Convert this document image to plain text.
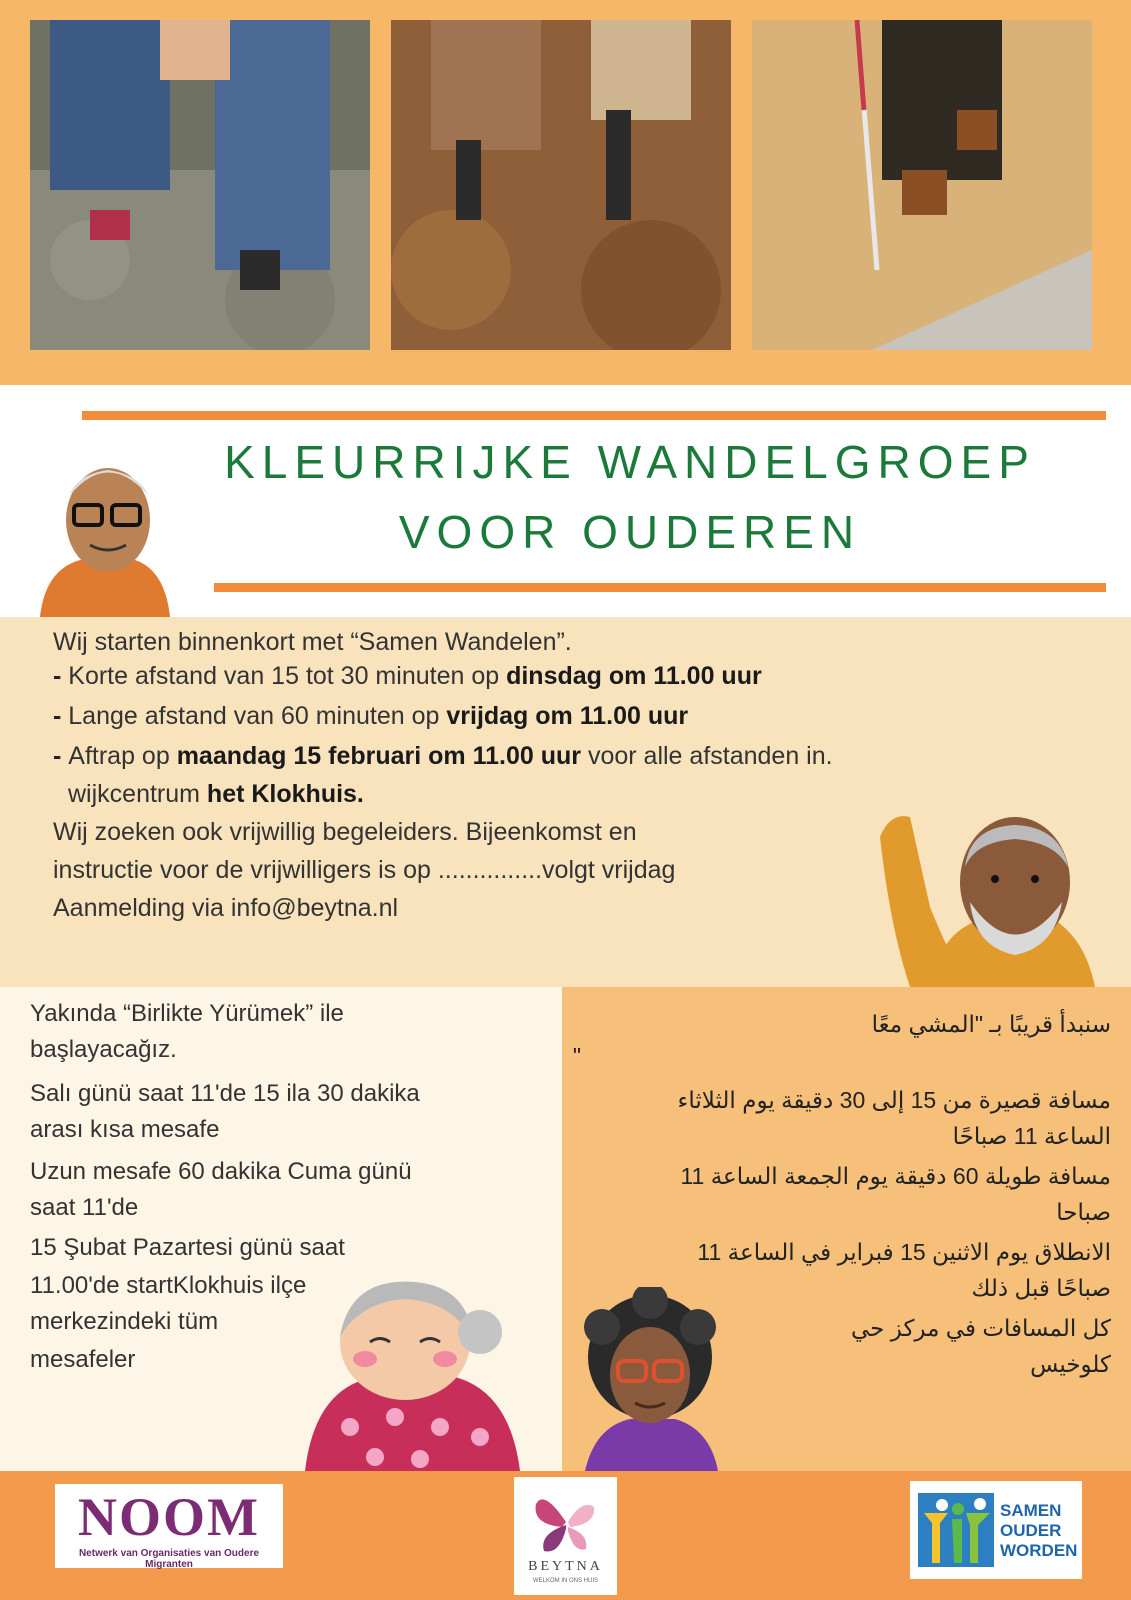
KLEURRIJKE WANDELGROEP
VOOR OUDEREN

Wij starten binnenkort met “Samen Wandelen”.

- Korte afstand van 15 tot 30 minuten op dinsdag om 11.00 uur

- Lange afstand van 60 minuten op vrijdag om 11.00 uur

- Aftrap op maandag 15 februari om 11.00 uur voor alle afstanden in.

wijkcentrum het Klokhuis.

Wij zoeken ook vrijwillig begeleiders. Bijeenkomst en

instructie voor de vrijwilligers is op ...............volgt vrijdag

Aanmelding via info@beytna.nl

Yakında “Birlikte Yürümek” ile

başlayacağız.

Salı günü saat 11'de 15 ila 30 dakika

arası kısa mesafe

Uzun mesafe 60 dakika Cuma günü

saat 11'de

15 Şubat Pazartesi günü saat

11.00'de startKlokhuis ilçe

merkezindeki tüm

mesafeler

سنبدأ قريبًا بـ "المشي معًا

"

مسافة قصيرة من 15 إلى 30 دقيقة يوم الثلاثاء

الساعة 11 صباحًا

مسافة طويلة 60 دقيقة يوم الجمعة الساعة 11

صباحا

الانطلاق يوم الاثنين 15 فبراير في الساعة 11

صباحًا قبل ذلك

كل المسافات في مركز حي

كلوخيس

NOOM
Netwerk van Organisaties van Oudere Migranten	BEYTNA
WELKOM IN ONS HUIS

SAMEN

OUDER

WORDEN
